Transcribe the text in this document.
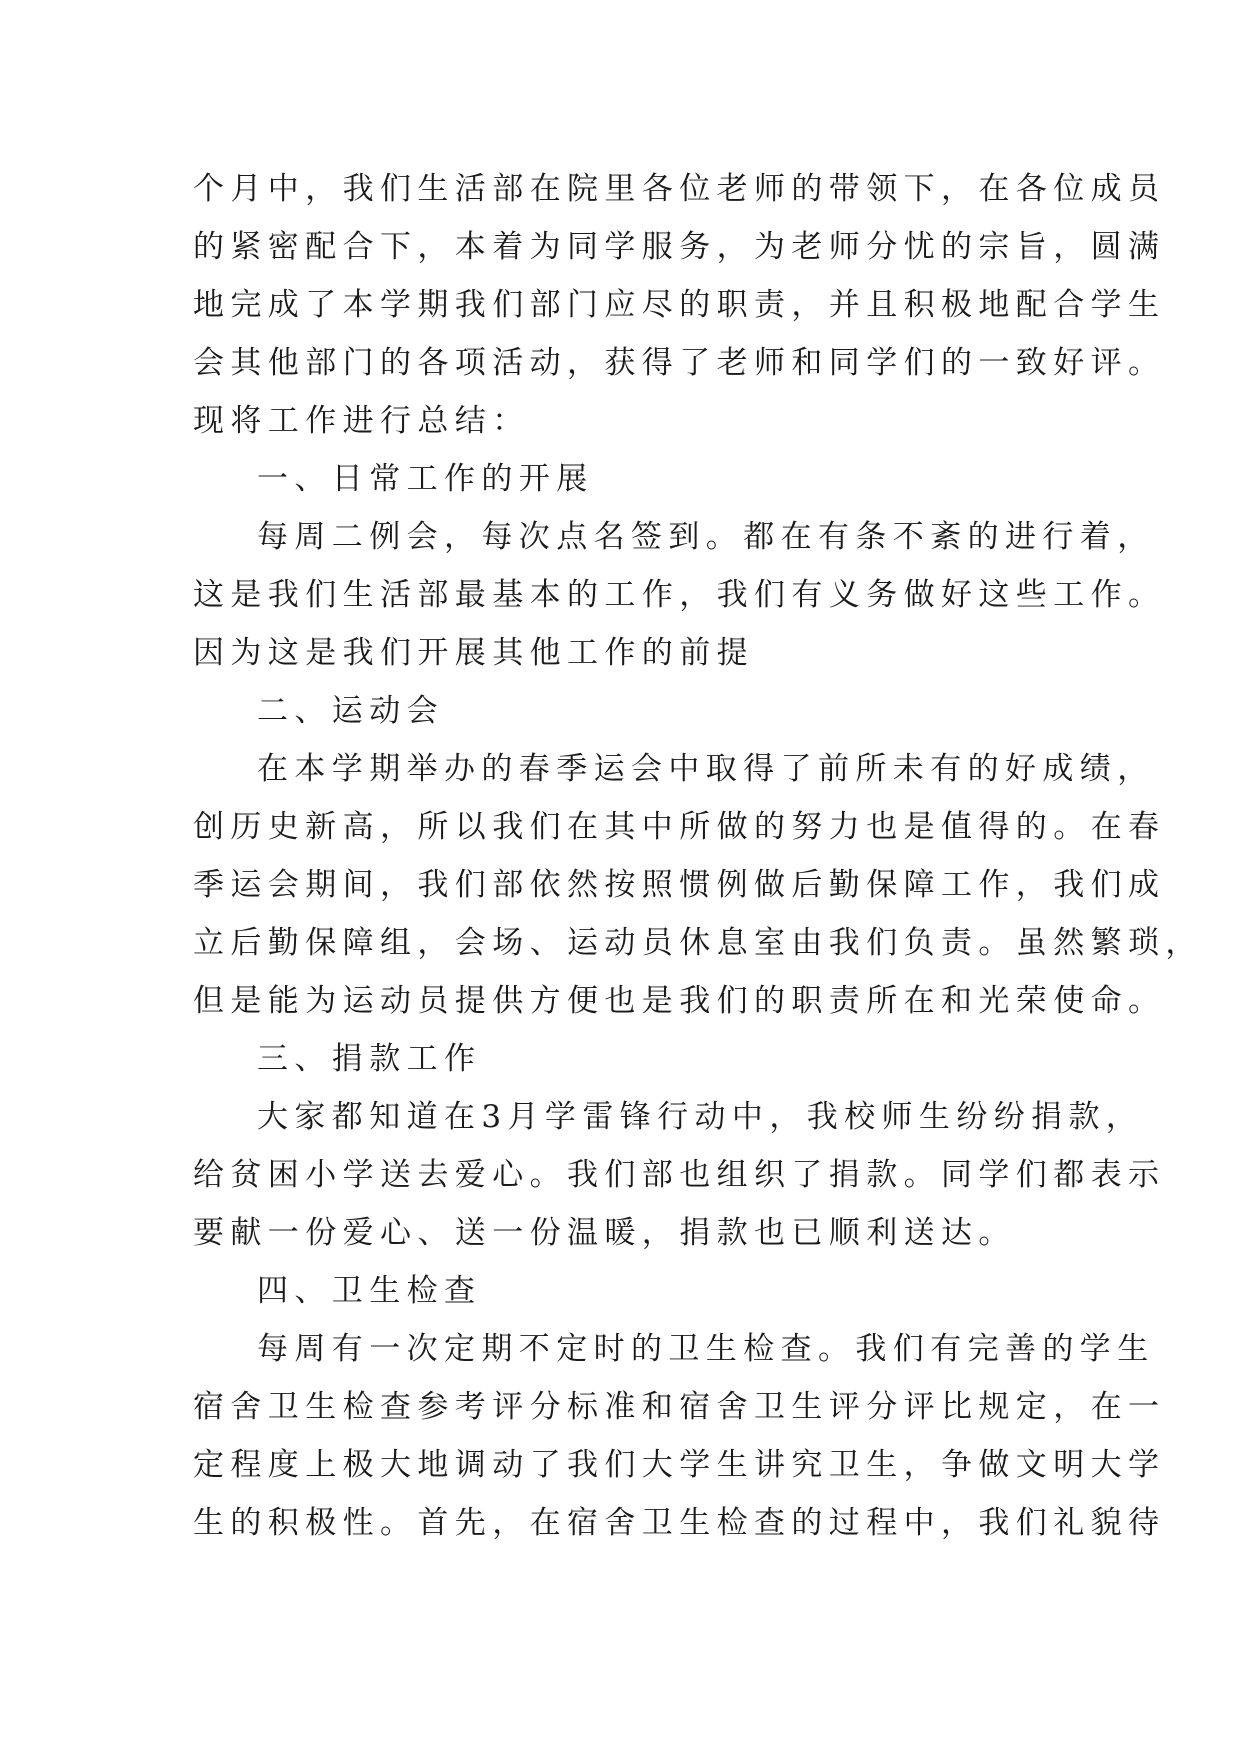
个月中，我们生活部在院里各位老师的带领下，在各位成员
的紧密配合下，本着为同学服务，为老师分忧的宗旨，圆满
地完成了本学期我们部门应尽的职责，并且积极地配合学生
会其他部门的各项活动，获得了老师和同学们的一致好评。
现将工作进行总结：
一、日常工作的开展
每周二例会，每次点名签到。都在有条不紊的进行着，
这是我们生活部最基本的工作，我们有义务做好这些工作。
因为这是我们开展其他工作的前提
二、运动会
在本学期举办的春季运会中取得了前所未有的好成绩，
创历史新高，所以我们在其中所做的努力也是值得的。在春
季运会期间，我们部依然按照惯例做后勤保障工作，我们成
立后勤保障组，会场、运动员休息室由我们负责。虽然繁琐，
但是能为运动员提供方便也是我们的职责所在和光荣使命。
三、捐款工作
大家都知道在3月学雷锋行动中，我校师生纷纷捐款，
给贫困小学送去爱心。我们部也组织了捐款。同学们都表示
要献一份爱心、送一份温暖，捐款也已顺利送达。
四、卫生检查
每周有一次定期不定时的卫生检查。我们有完善的学生
宿舍卫生检查参考评分标准和宿舍卫生评分评比规定，在一
定程度上极大地调动了我们大学生讲究卫生，争做文明大学
生的积极性。首先，在宿舍卫生检查的过程中，我们礼貌待
